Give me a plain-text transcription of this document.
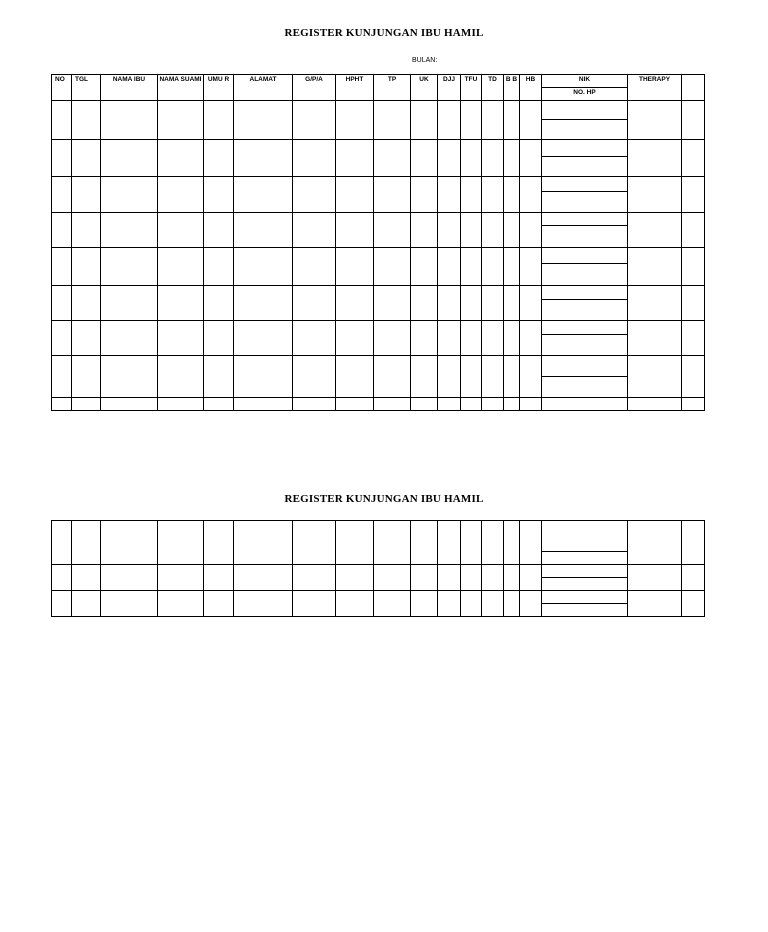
REGISTER KUNJUNGAN IBU HAMIL
BULAN:
NO	TGL	NAMA IBU	NAMA SUAMI	UMU R	ALAMAT	G/P/A	HPHT	TP	UK	DJJ	TFU	TD	B B	HB	NIK	THERAPY	
															NO. HP		

REGISTER KUNJUNGAN IBU HAMIL
